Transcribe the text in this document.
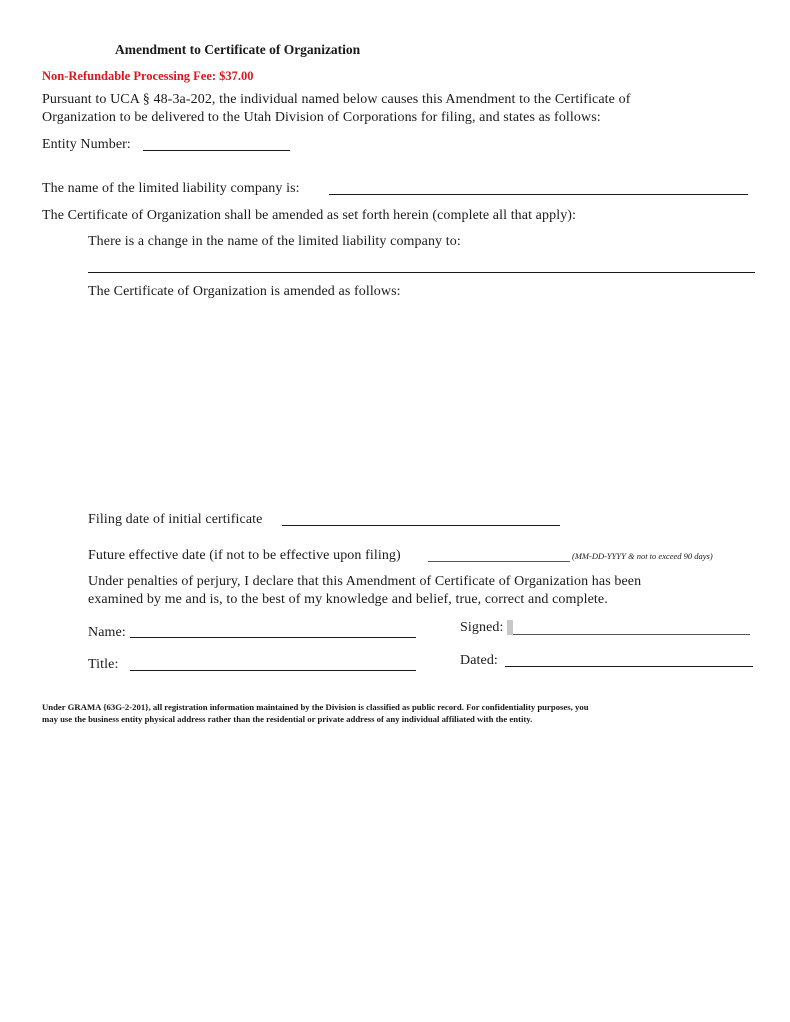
Amendment to Certificate of Organization
Non-Refundable Processing Fee: $37.00
Pursuant to UCA § 48-3a-202, the individual named below causes this Amendment to the Certificate of
Organization to be delivered to the Utah Division of Corporations for filing, and states as follows:
Entity Number:
The name of the limited liability company is:
The Certificate of Organization shall be amended as set forth herein (complete all that apply):
There is a change in the name of the limited liability company to:
The Certificate of Organization is amended as follows:
Filing date of initial certificate
Future effective date (if not to be effective upon filing)	(MM-DD-YYYY & not to exceed 90 days)
Under penalties of perjury, I declare that this Amendment of Certificate of Organization has been
examined by me and is, to the best of my knowledge and belief, true, correct and complete.
Name:
Title:
Signed:
Dated:
Under GRAMA {63G-2-201}, all registration information maintained by the Division is classified as public record. For confidentiality purposes, you
may use the business entity physical address rather than the residential or private address of any individual affiliated with the entity.
